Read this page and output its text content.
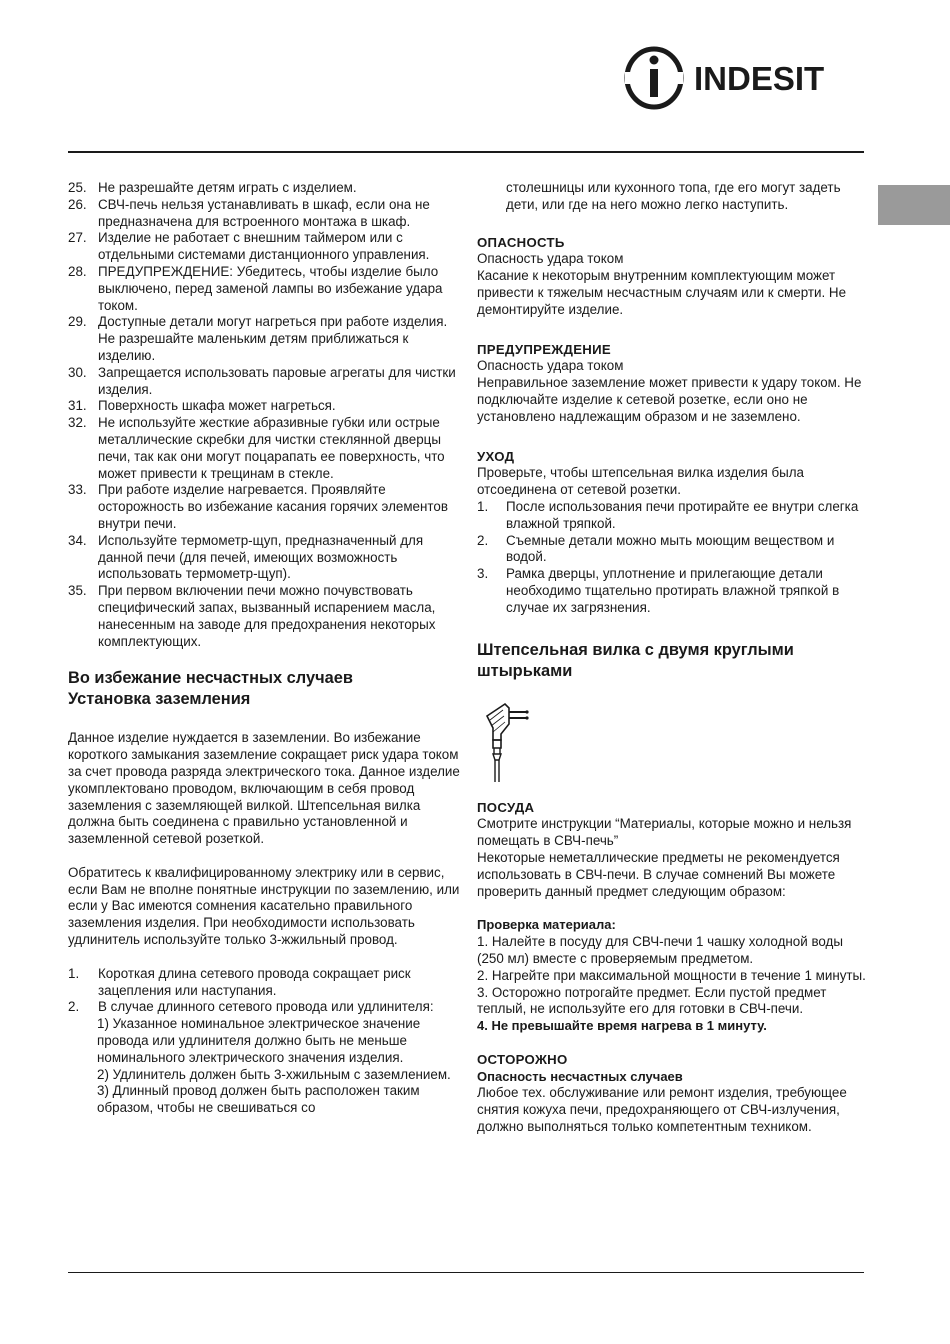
INDESIT
25. Не разрешайте детям играть с изделием.
26. СВЧ-печь нельзя устанавливать в шкаф, если она не предназначена для встроенного монтажа в шкаф.
27. Изделие не работает с внешним таймером или с отдельными системами дистанционного управления.
28. ПРЕДУПРЕЖДЕНИЕ: Убедитесь, чтобы изделие было выключено, перед заменой лампы во избежание удара током.
29. Доступные детали могут нагреться при работе изделия. Не разрешайте маленьким детям приближаться к изделию.
30. Запрещается использовать паровые агрегаты для чистки изделия.
31. Поверхность шкафа может нагреться.
32. Не используйте жесткие абразивные губки или острые металлические скребки для чистки стеклянной дверцы печи, так как они могут поцарапать ее поверхность, что может привести к трещинам в стекле.
33. При работе изделие нагревается. Проявляйте осторожность во избежание касания горячих элементов внутри печи.
34. Используйте термометр-щуп, предназначенный для данной печи (для печей, имеющих возможность использовать термометр-щуп).
35. При первом включении печи можно почувствовать специфический запах, вызванный испарением масла, нанесенным на заводе для предохранения некоторых комплектующих.

Во избежание несчастных случаев

Установка заземления

Данное изделие нуждается в заземлении. Во избежание короткого замыкания заземление сокращает риск удара током за счет провода разряда электрического тока. Данное изделие укомплектовано проводом, включающим в себя провод заземления с заземляющей вилкой. Штепсельная вилка должна быть соединена с правильно установленной и заземленной сетевой розеткой.

Обратитесь к квалифицированному электрику или в сервис, если Вам не вполне понятные инструкции по заземлению, или если у Вас имеются сомнения касательно правильного заземления изделия. При необходимости использовать удлинитель используйте только 3-жжильный провод.

1.	Короткая длина сетевого провода сокращает риск зацепления или наступания.
2.	В случае длинного сетевого провода или удлинителя:

1) Указанное номинальное электрическое значение провода или удлинителя должно быть не меньше номинального электрического значения изделия.

2) Удлинитель должен быть 3-хжильным с заземлением.

3) Длинный провод должен быть расположен таким образом, чтобы не свешиваться со

столешницы или кухонного топа, где его могут задеть дети, или где на него можно легко наступить.

ОПАСНОСТЬ

Опасность удара током

Касание к некоторым внутренним комплектующим может привести к тяжелым несчастным случаям или к смерти. Не демонтируйте изделие.

ПРЕДУПРЕЖДЕНИЕ

Опасность удара током

Неправильное заземление может привести к удару током. Не подключайте изделие к сетевой розетке, если оно не установлено надлежащим образом и не заземлено.

УХОД

Проверьте, чтобы штепсельная вилка изделия была отсоединена от сетевой розетки.

1.	После использования печи протирайте ее внутри слегка влажной тряпкой.
2.	Съемные детали можно мыть моющим веществом и водой.
3.	Рамка дверцы, уплотнение и прилегающие детали необходимо тщательно протирать влажной тряпкой в случае их загрязнения.

Штепсельная вилка с двумя круглыми штырьками

ПОСУДА

Смотрите инструкции “Материалы, которые можно и нельзя помещать в СВЧ-печь”

Некоторые неметаллические предметы не рекомендуется использовать в СВЧ-печи. В случае сомнений Вы можете проверить данный предмет следующим образом:

Проверка материала:

1. Налейте в посуду для СВЧ-печи 1 чашку холодной воды (250 мл) вместе с проверяемым предметом.

2. Нагрейте при максимальной мощности в течение 1 минуты.

3. Осторожно потрогайте предмет. Если пустой предмет теплый, не используйте его для готовки в СВЧ-печи.

4. Не превышайте время нагрева в 1 минуту.

ОСТОРОЖНО

Опасность несчастных случаев

Любое тех. обслуживание или ремонт изделия, требующее снятия кожуха печи, предохраняющего от СВЧ-излучения, должно выполняться только компетентным техником.
